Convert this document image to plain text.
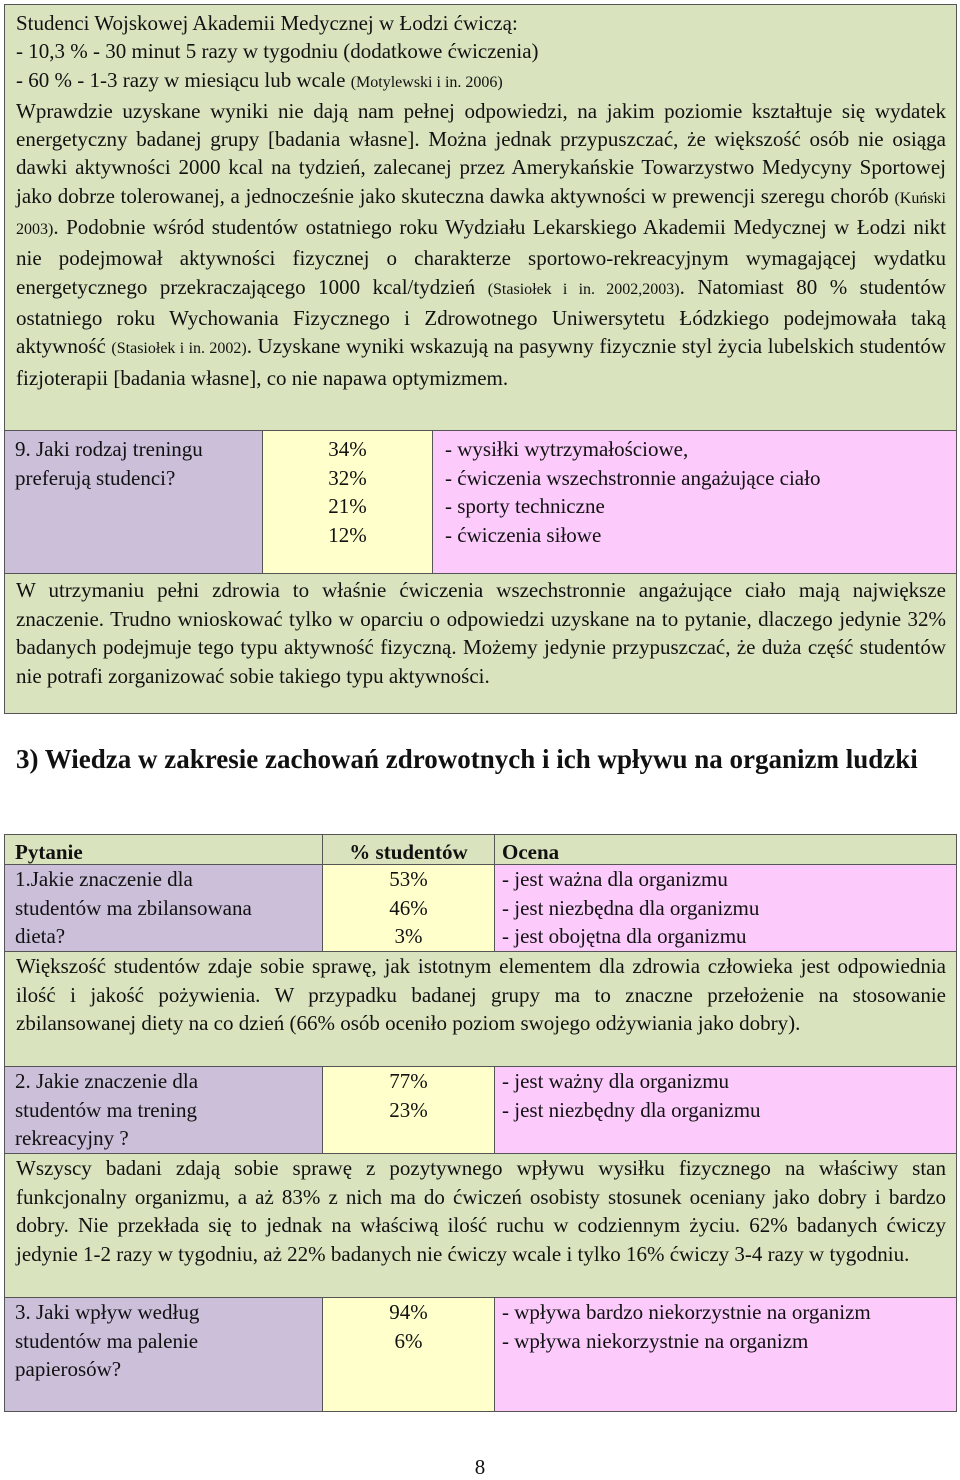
Studenci Wojskowej Akademii Medycznej w Łodzi ćwiczą:
- 10,3 % - 30 minut 5 razy w tygodniu (dodatkowe ćwiczenia)
- 60 % - 1-3 razy w miesiącu lub wcale (Motylewski i in. 2006)
Wprawdzie uzyskane wyniki nie dają nam pełnej odpowiedzi, na jakim poziomie kształtuje się wydatek energetyczny badanej grupy [badania własne]. Można jednak przypuszczać, że większość osób nie osiąga dawki aktywności 2000 kcal na tydzień, zalecanej przez Amerykańskie Towarzystwo Medycyny Sportowej jako dobrze tolerowanej, a jednocześnie jako skuteczna dawka aktywności w prewencji szeregu chorób (Kuński 2003). Podobnie wśród studentów ostatniego roku Wydziału Lekarskiego Akademii Medycznej w Łodzi nikt nie podejmował aktywności fizycznej o charakterze sportowo-rekreacyjnym wymagającej wydatku energetycznego przekraczającego 1000 kcal/tydzień (Stasiołek i in. 2002,2003). Natomiast 80 % studentów ostatniego roku Wychowania Fizycznego i Zdrowotnego Uniwersytetu Łódzkiego podejmowała taką aktywność (Stasiołek i in. 2002). Uzyskane wyniki wskazują na pasywny fizycznie styl życia lubelskich studentów fizjoterapii [badania własne], co nie napawa optymizmem.
9. Jaki rodzaj treningu
preferują studenci?
34%
32%
21%
12%
- wysiłki wytrzymałościowe,
- ćwiczenia wszechstronnie angażujące ciało
- sporty techniczne
- ćwiczenia siłowe
W utrzymaniu pełni zdrowia to właśnie ćwiczenia wszechstronnie angażujące ciało mają największe znaczenie. Trudno wnioskować tylko w oparciu o odpowiedzi uzyskane na to pytanie, dlaczego jedynie 32% badanych podejmuje tego typu aktywność fizyczną. Możemy jedynie przypuszczać, że duża część studentów nie potrafi zorganizować sobie takiego typu aktywności.
3) Wiedza w zakresie zachowań zdrowotnych i ich wpływu na organizm ludzki
Pytanie	% studentów	Ocena
1.Jakie znaczenie dla
studentów ma zbilansowana
dieta?
53%
46%
3%
- jest ważna dla organizmu
- jest niezbędna dla organizmu
- jest obojętna dla organizmu
Większość studentów zdaje sobie sprawę, jak istotnym elementem dla zdrowia człowieka jest odpowiednia ilość i jakość pożywienia. W przypadku badanej grupy ma to znaczne przełożenie na stosowanie zbilansowanej diety na co dzień (66% osób oceniło poziom swojego odżywiania jako dobry).
2. Jakie znaczenie dla
studentów ma trening
rekreacyjny ?
77%
23%
- jest ważny dla organizmu
- jest niezbędny dla organizmu
Wszyscy badani zdają sobie sprawę z pozytywnego wpływu wysiłku fizycznego na właściwy stan funkcjonalny organizmu, a aż 83% z nich ma do ćwiczeń osobisty stosunek oceniany jako dobry i bardzo dobry. Nie przekłada się to jednak na właściwą ilość ruchu w codziennym życiu. 62% badanych ćwiczy jedynie 1-2 razy w tygodniu, aż 22% badanych nie ćwiczy wcale i tylko 16% ćwiczy 3-4 razy w tygodniu.
3. Jaki wpływ według
studentów ma palenie
papierosów?
94%
6%
- wpływa bardzo niekorzystnie na organizm
- wpływa niekorzystnie na organizm
8
